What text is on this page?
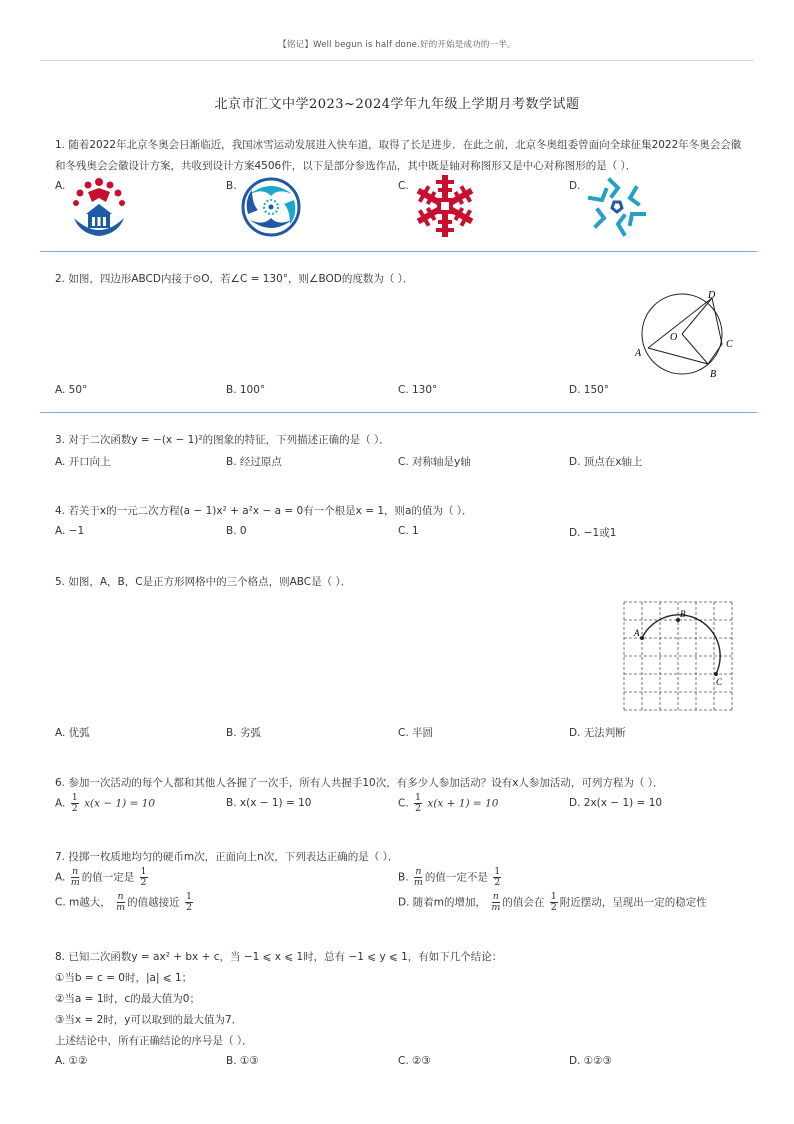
【铭记】Well begun is half done.好的开始是成功的一半。
北京市汇文中学2023~2024学年九年级上学期月考数学试题
1. 随着2022年北京冬奥会日渐临近，我国冰雪运动发展进入快车道，取得了长足进步．在此之前，北京冬奥组委曾面向全球征集2022年冬奥会会徽
和冬残奥会会徽设计方案，共收到设计方案4506件，以下是部分参选作品，其中既是轴对称图形又是中心对称图形的是（ ）．
A.	B.	C.	D.
2. 如图，四边形ABCD内接于⊙O，若∠C = 130°，则∠BOD的度数为（ ）．
A
B
C
D
O
A. 50°	B. 100°	C. 130°	D. 150°
3. 对于二次函数y = −(x − 1)²的图象的特征，下列描述正确的是（ ）．
A. 开口向上	B. 经过原点	C. 对称轴是y轴	D. 顶点在x轴上
4. 若关于x的一元二次方程(a − 1)x² + a²x − a = 0有一个根是x = 1，则a的值为（ ）．
A. −1	B. 0	C. 1	D. −1或1
5. 如图，A，B，C是正方形网格中的三个格点，则ABC是（ ）．
A
B
C
A. 优弧	B. 劣弧	C. 半圆	D. 无法判断
6. 参加一次活动的每个人都和其他人各握了一次手，所有人共握手10次，有多少人参加活动？设有x人参加活动，可列方程为（ ）．
A. $\frac{1}{2} x(x - 1) = 10$	B. x(x − 1) = 10	C. $\frac{1}{2} x(x + 1) = 10$	D. 2x(x − 1) = 10
7. 投掷一枚质地均匀的硬币m次，正面向上n次，下列表达正确的是（ ）．
A. $\frac{n}{m}$ 的值一定是 $\frac{1}{2}$	B. $\frac{n}{m}$ 的值一定不是 $\frac{1}{2}$
C. m越大， $\frac{n}{m}$ 的值越接近 $\frac{1}{2}$	D. 随着m的增加， $\frac{n}{m}$ 的值会在 $\frac{1}{2}$ 附近摆动，呈现出一定的稳定性
8. 已知二次函数y = ax² + bx + c，当 −1 ⩽ x ⩽ 1时，总有 −1 ⩽ y ⩽ 1，有如下几个结论：
①当b = c = 0时，|a| ⩽ 1；
②当a = 1时，c的最大值为0；
③当x = 2时，y可以取到的最大值为7．
上述结论中，所有正确结论的序号是（ ）．
A. ①②	B. ①③	C. ②③	D. ①②③
